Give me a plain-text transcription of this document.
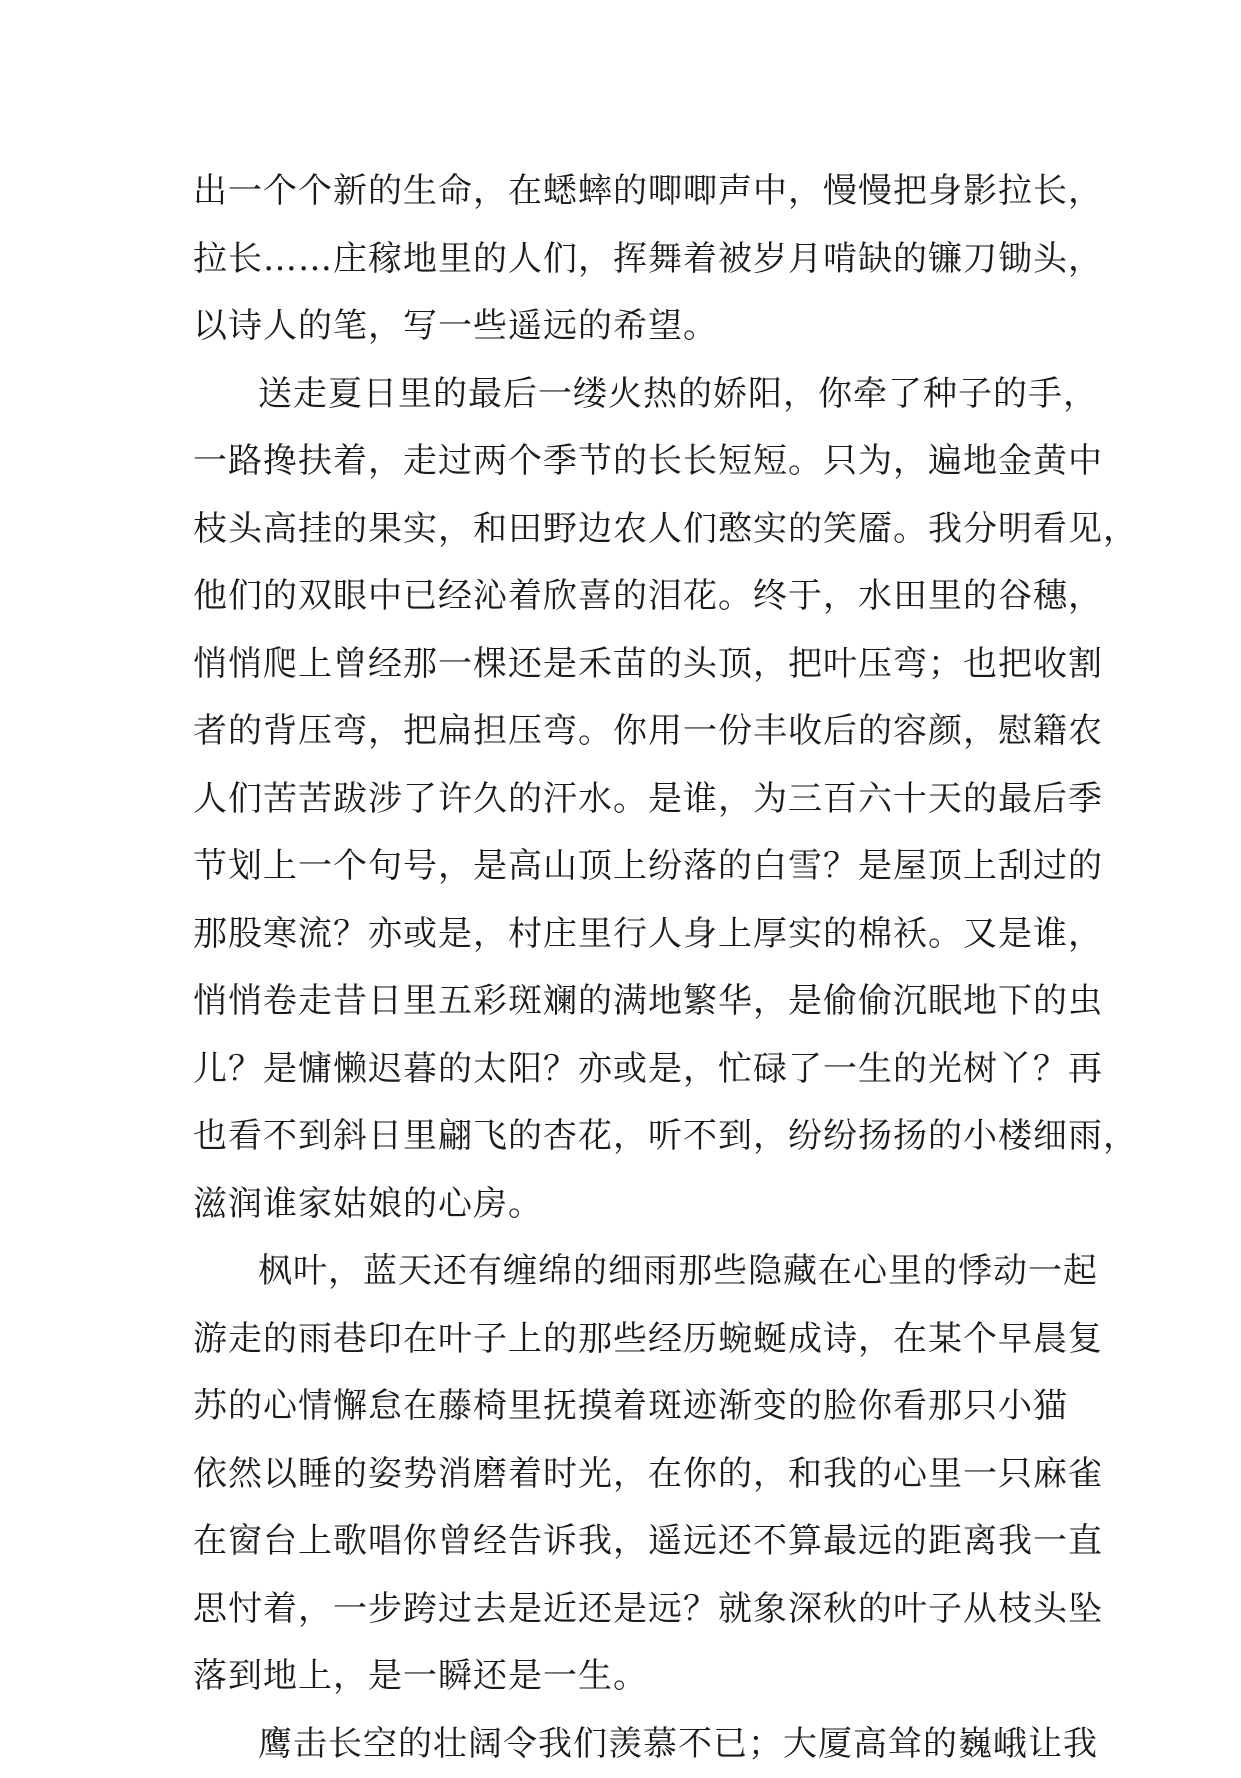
出一个个新的生命，在蟋蟀的唧唧声中，慢慢把身影拉长，
拉长……庄稼地里的人们，挥舞着被岁月啃缺的镰刀锄头，
以诗人的笔，写一些遥远的希望。
送走夏日里的最后一缕火热的娇阳，你牵了种子的手，
一路搀扶着，走过两个季节的长长短短。只为，遍地金黄中
枝头高挂的果实，和田野边农人们憨实的笑靥。我分明看见，
他们的双眼中已经沁着欣喜的泪花。终于，水田里的谷穗，
悄悄爬上曾经那一棵还是禾苗的头顶，把叶压弯；也把收割
者的背压弯，把扁担压弯。你用一份丰收后的容颜，慰籍农
人们苦苦跋涉了许久的汗水。是谁，为三百六十天的最后季
节划上一个句号，是高山顶上纷落的白雪？是屋顶上刮过的
那股寒流？亦或是，村庄里行人身上厚实的棉袄。又是谁，
悄悄卷走昔日里五彩斑斓的满地繁华，是偷偷沉眠地下的虫
儿？是慵懒迟暮的太阳？亦或是，忙碌了一生的光树丫？再
也看不到斜日里翩飞的杏花，听不到，纷纷扬扬的小楼细雨，
滋润谁家姑娘的心房。
枫叶，蓝天还有缠绵的细雨那些隐藏在心里的悸动一起
游走的雨巷印在叶子上的那些经历蜿蜒成诗，在某个早晨复
苏的心情懈怠在藤椅里抚摸着斑迹渐变的脸你看那只小猫
依然以睡的姿势消磨着时光，在你的，和我的心里一只麻雀
在窗台上歌唱你曾经告诉我，遥远还不算最远的距离我一直
思忖着，一步跨过去是近还是远？就象深秋的叶子从枝头坠
落到地上，是一瞬还是一生。
鹰击长空的壮阔令我们羡慕不已；大厦高耸的巍峨让我
